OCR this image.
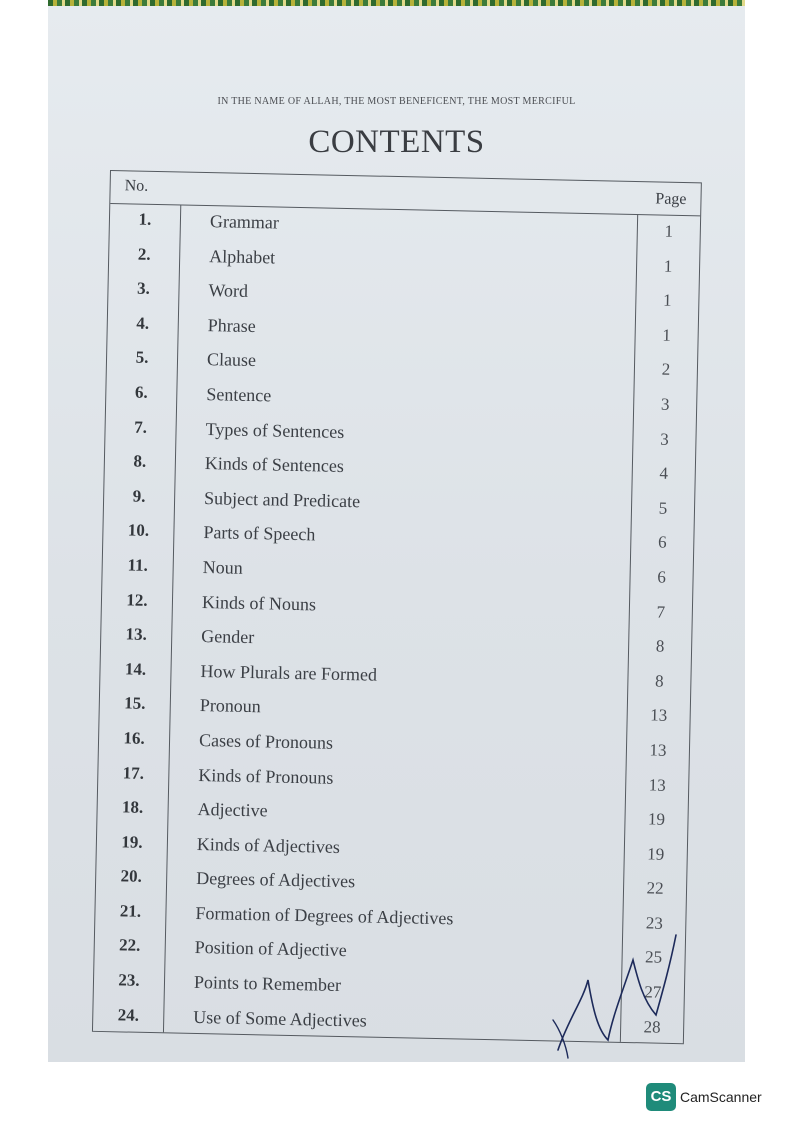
IN THE NAME OF ALLAH, THE MOST BENEFICENT, THE MOST MERCIFUL
CONTENTS
No.
Page
1.	Grammar	1
2.	Alphabet	1
3.	Word	1
4.	Phrase	1
5.	Clause	2
6.	Sentence	3
7.	Types of Sentences	3
8.	Kinds of Sentences	4
9.	Subject and Predicate	5
10.	Parts of Speech	6
11.	Noun	6
12.	Kinds of Nouns	7
13.	Gender	8
14.	How Plurals are Formed	8
15.	Pronoun	13
16.	Cases of Pronouns	13
17.	Kinds of Pronouns	13
18.	Adjective	19
19.	Kinds of Adjectives	19
20.	Degrees of Adjectives	22
21.	Formation of Degrees of Adjectives	23
22.	Position of Adjective	25
23.	Points to Remember	27
24.	Use of Some Adjectives	28
CS CamScanner
